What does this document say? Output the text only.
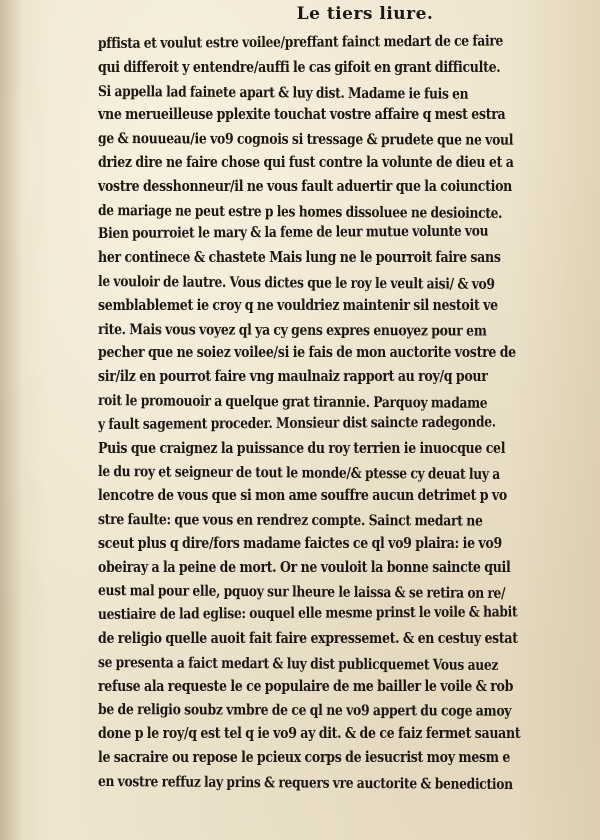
Le tiers liure.
pffista et voulut estre voilee/preffant fainct medart de ce faire
qui differoit y entendre/auffi le cas gifoit en grant difficulte.
Si appella lad fainete apart & luy dist. Madame ie fuis en
vne merueilleuse pplexite touchat vostre affaire q mest estra
ge & nouueau/ie vo9 cognois si tressage & prudete que ne voul
driez dire ne faire chose qui fust contre la volunte de dieu et a
vostre desshonneur/il ne vous fault aduertir que la coiunction
de mariage ne peut estre p les homes dissoluee ne desioincte.
Bien pourroiet le mary & la feme de leur mutue volunte vou
her continece & chastete Mais lung ne le pourroit faire sans
le vouloir de lautre. Vous dictes que le roy le veult aisi/ & vo9
semblablemet ie croy q ne vouldriez maintenir sil nestoit ve
rite. Mais vous voyez ql ya cy gens expres enuoyez pour em
pecher que ne soiez voilee/si ie fais de mon auctorite vostre de
sir/ilz en pourrot faire vng maulnaiz rapport au roy/q pour
roit le promouoir a quelque grat tirannie. Parquoy madame
y fault sagement proceder. Monsieur dist saincte radegonde.
Puis que craignez la puissance du roy terrien ie inuocque cel
le du roy et seigneur de tout le monde/& ptesse cy deuat luy a
lencotre de vous que si mon ame souffre aucun detrimet p vo
stre faulte: que vous en rendrez compte. Sainct medart ne
sceut plus q dire/fors madame faictes ce ql vo9 plaira: ie vo9
obeiray a la peine de mort. Or ne vouloit la bonne saincte quil
eust mal pour elle, pquoy sur lheure le laissa & se retira on re/
uestiaire de lad eglise: ouquel elle mesme prinst le voile & habit
de religio quelle auoit fait faire expressemet. & en cestuy estat
se presenta a faict medart & luy dist publicquemet Vous auez
refuse ala requeste le ce populaire de me bailler le voile & rob
be de religio soubz vmbre de ce ql ne vo9 appert du coge amoy
done p le roy/q est tel q ie vo9 ay dit. & de ce faiz fermet sauant
le sacraire ou repose le pcieux corps de iesucrist moy mesm e
en vostre reffuz lay prins & requers vre auctorite & benediction
